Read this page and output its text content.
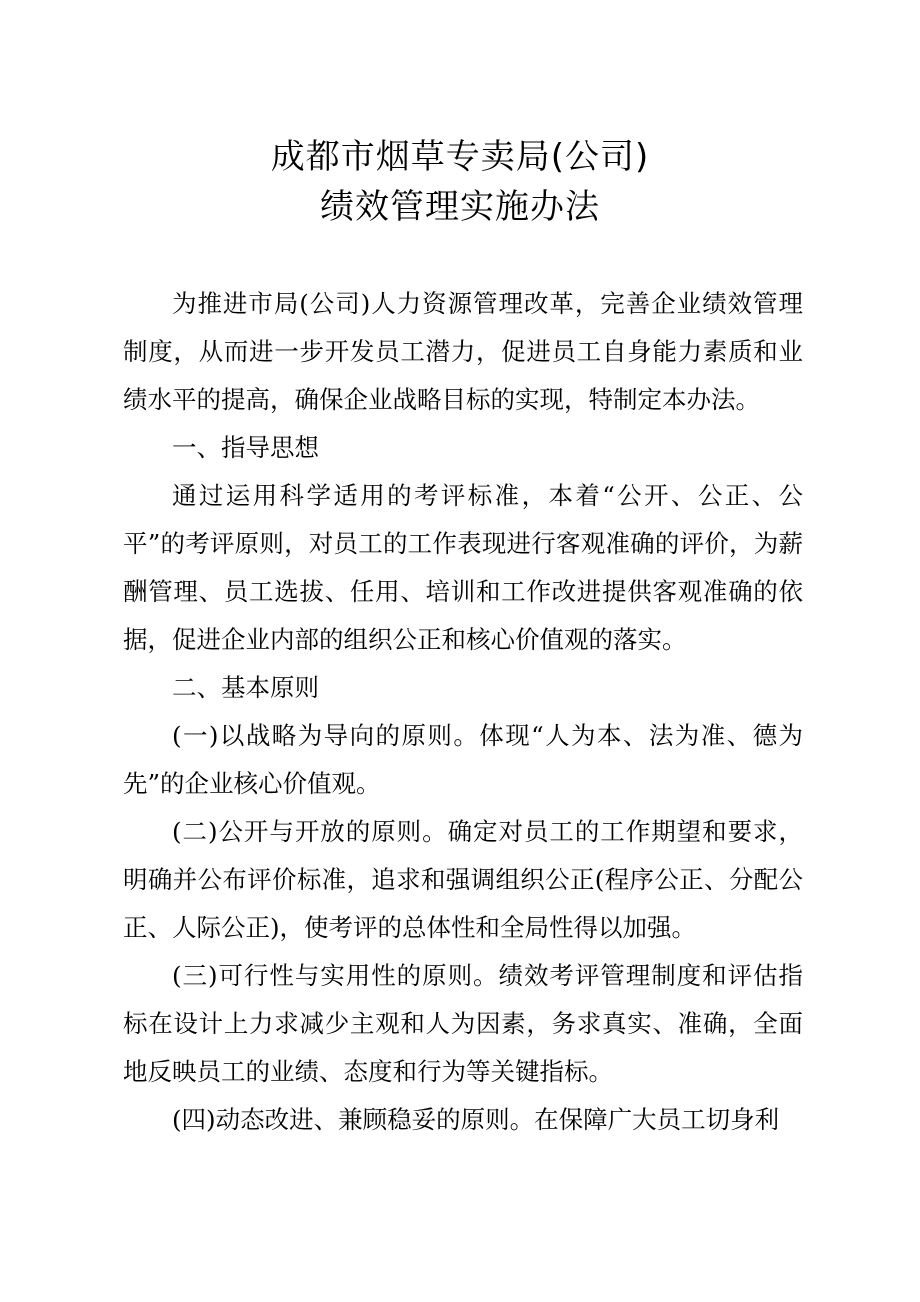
成都市烟草专卖局(公司)
绩效管理实施办法

为推进市局(公司)人力资源管理改革，完善企业绩效管理制度，从而进一步开发员工潜力，促进员工自身能力素质和业绩水平的提高，确保企业战略目标的实现，特制定本办法。

一、指导思想

通过运用科学适用的考评标准，本着“公开、公正、公平”的考评原则，对员工的工作表现进行客观准确的评价，为薪酬管理、员工选拔、任用、培训和工作改进提供客观准确的依据，促进企业内部的组织公正和核心价值观的落实。

二、基本原则

(一)以战略为导向的原则。体现“人为本、法为准、德为先”的企业核心价值观。

(二)公开与开放的原则。确定对员工的工作期望和要求，明确并公布评价标准，追求和强调组织公正(程序公正、分配公正、人际公正)，使考评的总体性和全局性得以加强。

(三)可行性与实用性的原则。绩效考评管理制度和评估指标在设计上力求减少主观和人为因素，务求真实、准确，全面地反映员工的业绩、态度和行为等关键指标。

(四)动态改进、兼顾稳妥的原则。在保障广大员工切身利
